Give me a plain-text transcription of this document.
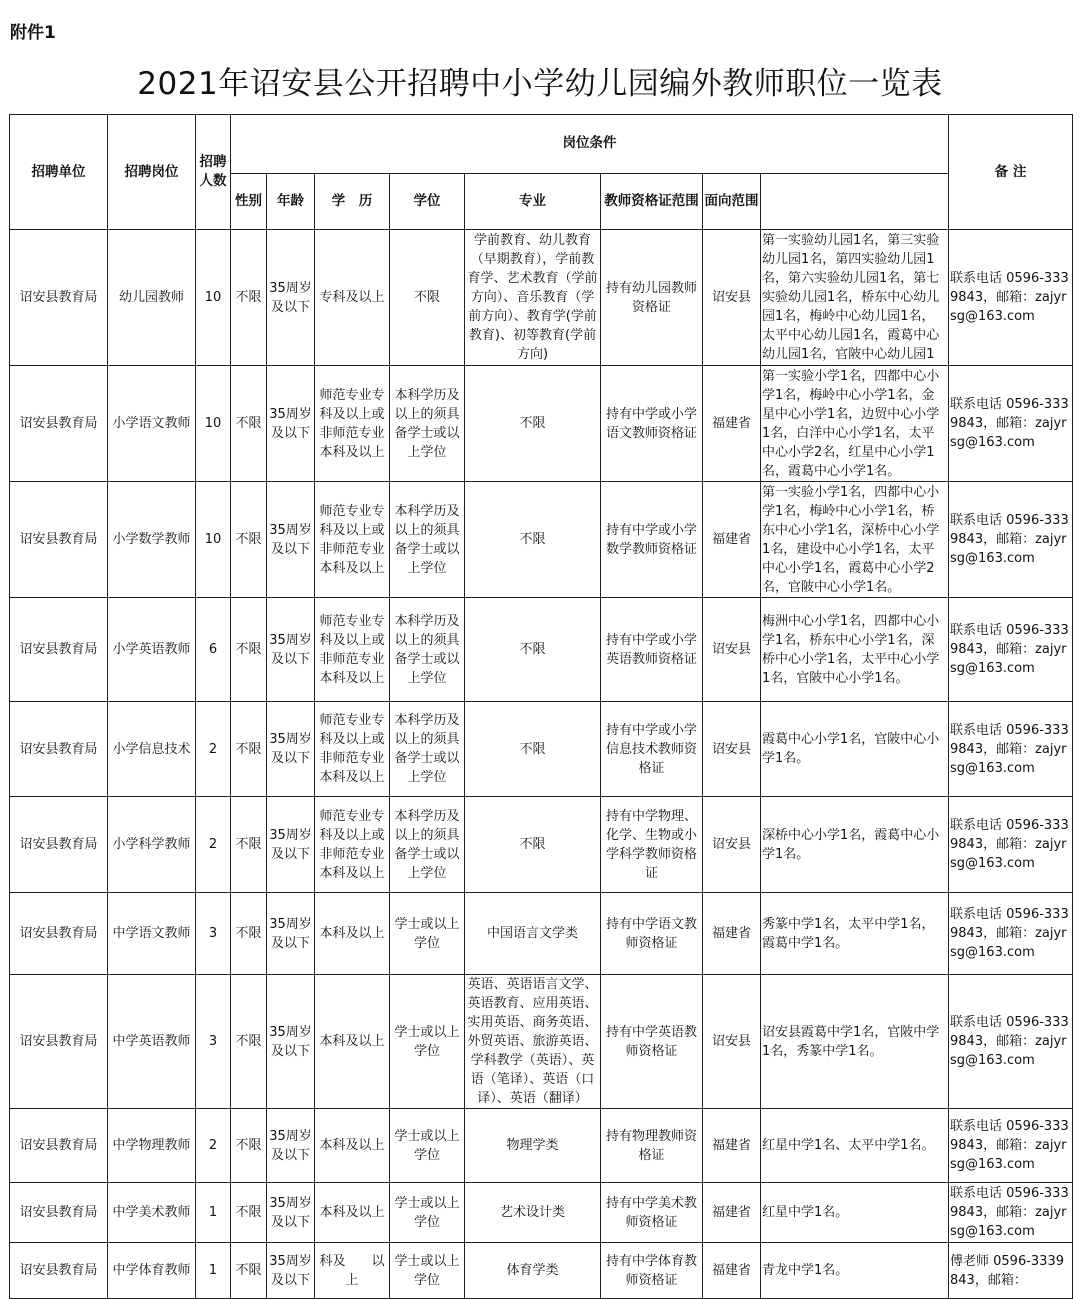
附件1
2021年诏安县公开招聘中小学幼儿园编外教师职位一览表
招聘单位	招聘岗位	招聘人数	岗位条件								备 注	
			性别	年龄	学　历	学位	专业	教师资格证范围	面向范围			
诏安县教育局	幼儿园教师	10	不限	35周岁及以下	专科及以上	不限	学前教育、幼儿教育（早期教育），学前教育学、艺术教育（学前方向）、音乐教育（学前方向）、教育学(学前教育)、初等教育(学前方向)	持有幼儿园教师资格证	诏安县	第一实验幼儿园1名，第三实验幼儿园1名，第四实验幼儿园1名，第六实验幼儿园1名，第七实验幼儿园1名，桥东中心幼儿园1名，梅岭中心幼儿园1名，太平中心幼儿园1名，霞葛中心幼儿园1名，官陂中心幼儿园1	联系电话 0596-3339843，邮箱：zajyrsg@163.com	
诏安县教育局	小学语文教师	10	不限	35周岁及以下	师范专业专科及以上或非师范专业本科及以上	本科学历及以上的须具备学士或以上学位	不限	持有中学或小学语文教师资格证	福建省	第一实验小学1名，四都中心小学1名，梅岭中心小学1名，金星中心小学1名，边贸中心小学1名，白洋中心小学1名，太平中心小学2名，红星中心小学1名，霞葛中心小学1名。	联系电话 0596-3339843，邮箱：zajyrsg@163.com	
诏安县教育局	小学数学教师	10	不限	35周岁及以下	师范专业专科及以上或非师范专业本科及以上	本科学历及以上的须具备学士或以上学位	不限	持有中学或小学数学教师资格证	福建省	第一实验小学1名，四都中心小学1名，梅岭中心小学1名，桥东中心小学1名，深桥中心小学1名，建设中心小学1名，太平中心小学1名，霞葛中心小学2名，官陂中心小学1名。	联系电话 0596-3339843，邮箱：zajyrsg@163.com	
诏安县教育局	小学英语教师	6	不限	35周岁及以下	师范专业专科及以上或非师范专业本科及以上	本科学历及以上的须具备学士或以上学位	不限	持有中学或小学英语教师资格证	诏安县	梅洲中心小学1名，四都中心小学1名，桥东中心小学1名，深桥中心小学1名，太平中心小学1名，官陂中心小学1名。	联系电话 0596-3339843，邮箱：zajyrsg@163.com	
诏安县教育局	小学信息技术	2	不限	35周岁及以下	师范专业专科及以上或非师范专业本科及以上	本科学历及以上的须具备学士或以上学位	不限	持有中学或小学信息技术教师资格证	诏安县	霞葛中心小学1名，官陂中心小学1名。	联系电话 0596-3339843，邮箱：zajyrsg@163.com	
诏安县教育局	小学科学教师	2	不限	35周岁及以下	师范专业专科及以上或非师范专业本科及以上	本科学历及以上的须具备学士或以上学位	不限	持有中学物理、化学、生物或小学科学教师资格证	诏安县	深桥中心小学1名，霞葛中心小学1名。	联系电话 0596-3339843，邮箱：zajyrsg@163.com	
诏安县教育局	中学语文教师	3	不限	35周岁及以下	本科及以上	学士或以上学位	中国语言文学类	持有中学语文教师资格证	福建省	秀篆中学1名，太平中学1名，霞葛中学1名。	联系电话 0596-3339843，邮箱：zajyrsg@163.com	
诏安县教育局	中学英语教师	3	不限	35周岁及以下	本科及以上	学士或以上学位	英语、英语语言文学、英语教育、应用英语、实用英语、商务英语、外贸英语、旅游英语、学科教学（英语）、英语（笔译）、英语（口译）、英语（翻译）	持有中学英语教师资格证	诏安县	诏安县霞葛中学1名，官陂中学1名，秀篆中学1名。	联系电话 0596-3339843，邮箱：zajyrsg@163.com	
诏安县教育局	中学物理教师	2	不限	35周岁及以下	本科及以上	学士或以上学位	物理学类	持有物理教师资格证	福建省	红星中学1名、太平中学1名。	联系电话 0596-3339843，邮箱：zajyrsg@163.com	
诏安县教育局	中学美术教师	1	不限	35周岁及以下	本科及以上	学士或以上学位	艺术设计类	持有中学美术教师资格证	福建省	红星中学1名。	联系电话 0596-3339843，邮箱：zajyrsg@163.com	
诏安县教育局	中学体育教师	1	不限	35周岁及以下	科及　　以上	学士或以上学位	体育学类	持有中学体育教师资格证	福建省	青龙中学1名。	傅老师 0596-3339843，邮箱：	
